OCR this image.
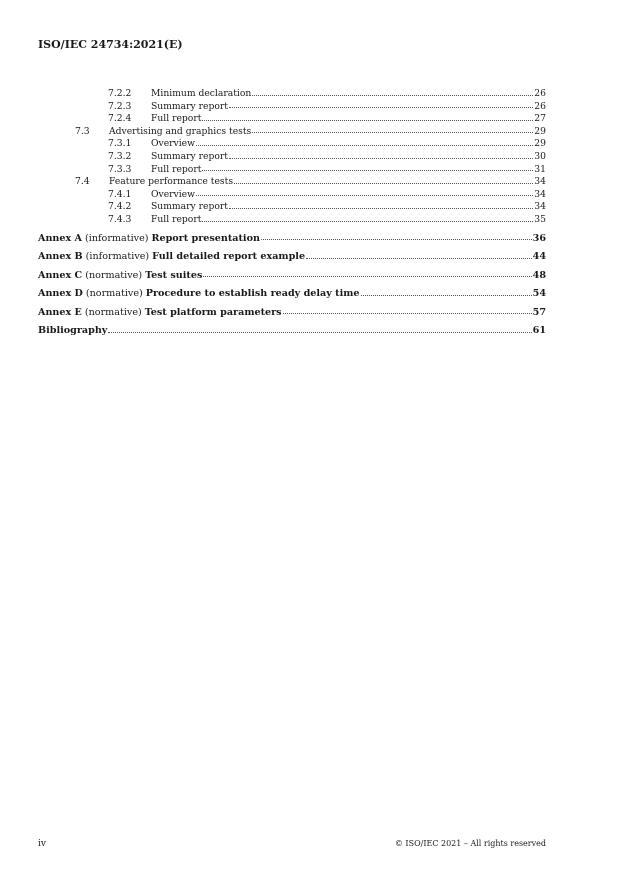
ISO/IEC 24734:2021(E)
7.2.2	Minimum declaration	26
7.2.3	Summary report	26
7.2.4	Full report	27
7.3	Advertising and graphics tests	29
7.3.1	Overview	29
7.3.2	Summary report	30
7.3.3	Full report	31
7.4	Feature performance tests	34
7.4.1	Overview	34
7.4.2	Summary report	34
7.4.3	Full report	35
Annex A (informative) Report presentation	36
Annex B (informative) Full detailed report example	44
Annex C (normative) Test suites	48
Annex D (normative) Procedure to establish ready delay time	54
Annex E (normative) Test platform parameters	57
Bibliography	61
iv	© ISO/IEC 2021 – All rights reserved
